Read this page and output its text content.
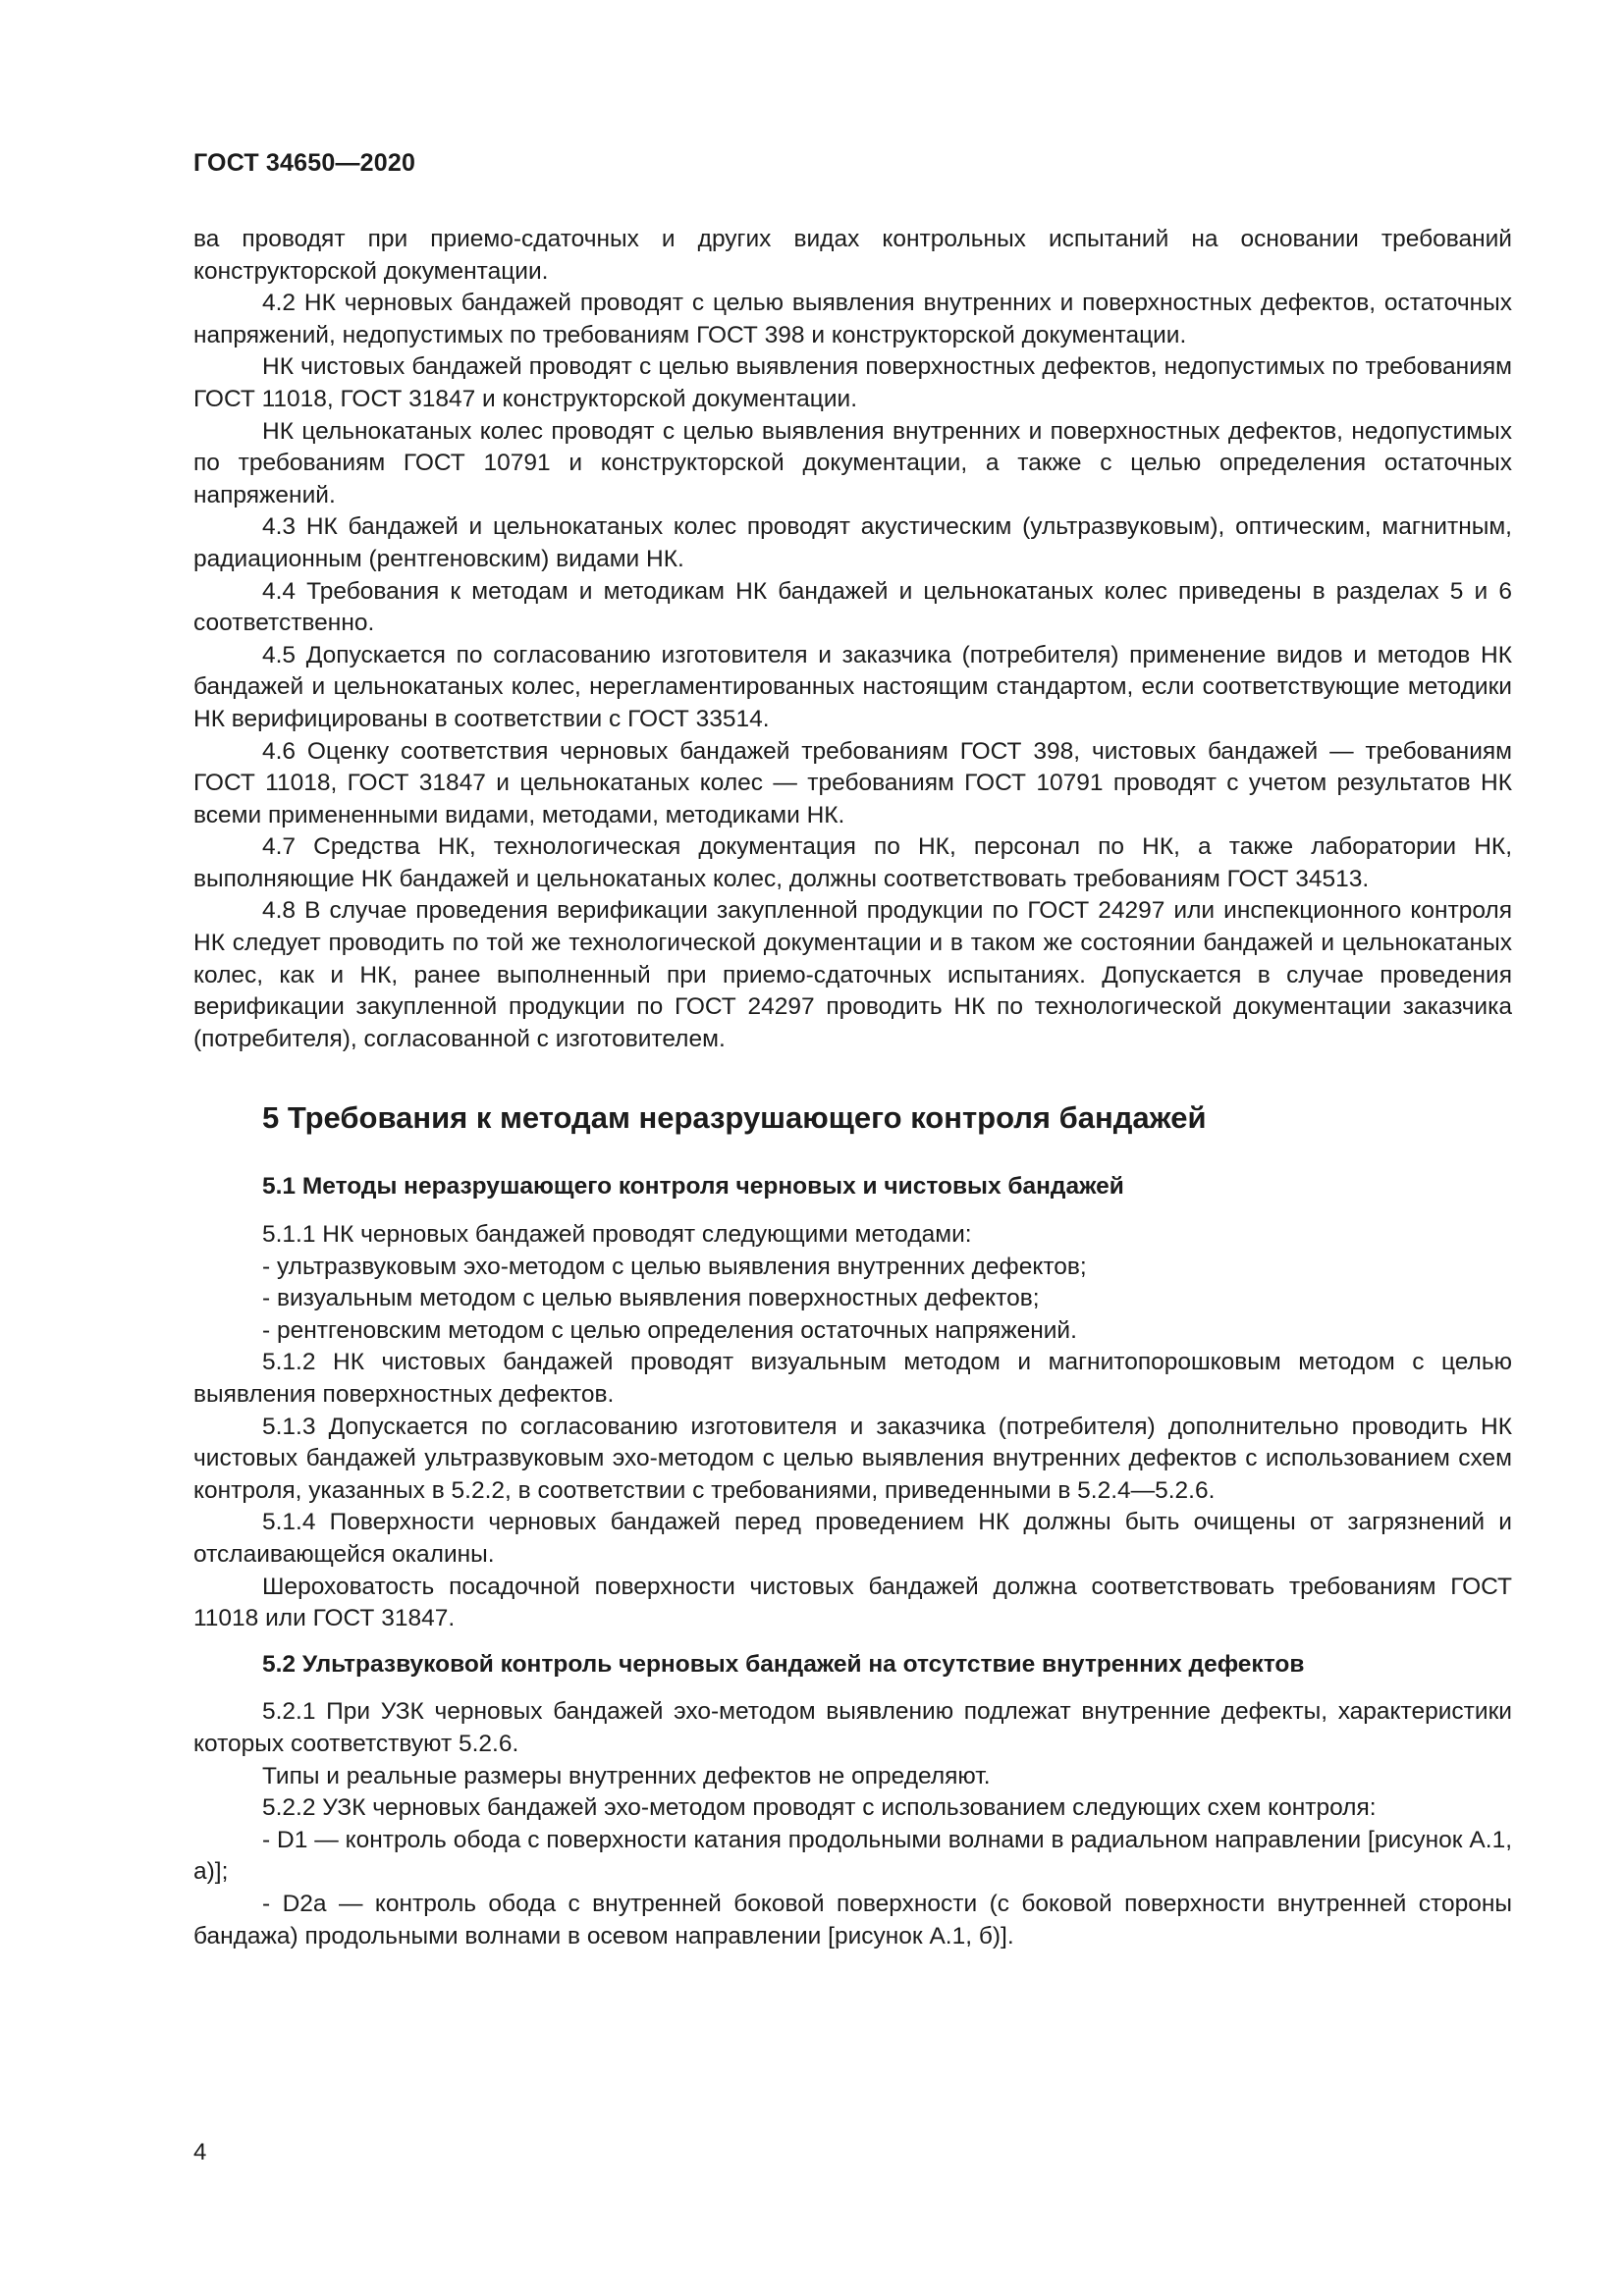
ГОСТ 34650—2020

ва проводят при приемо-сдаточных и других видах контрольных испытаний на основании требований конструкторской документации.

4.2 НК черновых бандажей проводят с целью выявления внутренних и поверхностных дефектов, остаточных напряжений, недопустимых по требованиям ГОСТ 398 и конструкторской документации.

НК чистовых бандажей проводят с целью выявления поверхностных дефектов, недопустимых по требованиям ГОСТ 11018, ГОСТ 31847 и конструкторской документации.

НК цельнокатаных колес проводят с целью выявления внутренних и поверхностных дефектов, недопустимых по требованиям ГОСТ 10791 и конструкторской документации, а также с целью определения остаточных напряжений.

4.3 НК бандажей и цельнокатаных колес проводят акустическим (ультразвуковым), оптическим, магнитным, радиационным (рентгеновским) видами НК.

4.4 Требования к методам и методикам НК бандажей и цельнокатаных колес приведены в разделах 5 и 6 соответственно.

4.5 Допускается по согласованию изготовителя и заказчика (потребителя) применение видов и методов НК бандажей и цельнокатаных колес, нерегламентированных настоящим стандартом, если соответствующие методики НК верифицированы в соответствии с ГОСТ 33514.

4.6 Оценку соответствия черновых бандажей требованиям ГОСТ 398, чистовых бандажей — требованиям ГОСТ 11018, ГОСТ 31847 и цельнокатаных колес — требованиям ГОСТ 10791 проводят с учетом результатов НК всеми примененными видами, методами, методиками НК.

4.7 Средства НК, технологическая документация по НК, персонал по НК, а также лаборатории НК, выполняющие НК бандажей и цельнокатаных колес, должны соответствовать требованиям ГОСТ 34513.

4.8 В случае проведения верификации закупленной продукции по ГОСТ 24297 или инспекционного контроля НК следует проводить по той же технологической документации и в таком же состоянии бандажей и цельнокатаных колес, как и НК, ранее выполненный при приемо-сдаточных испытаниях. Допускается в случае проведения верификации закупленной продукции по ГОСТ 24297 проводить НК по технологической документации заказчика (потребителя), согласованной с изготовителем.

5 Требования к методам неразрушающего контроля бандажей
5.1 Методы неразрушающего контроля черновых и чистовых бандажей

5.1.1 НК черновых бандажей проводят следующими методами:

- ультразвуковым эхо-методом с целью выявления внутренних дефектов;

- визуальным методом с целью выявления поверхностных дефектов;

- рентгеновским методом с целью определения остаточных напряжений.

5.1.2 НК чистовых бандажей проводят визуальным методом и магнитопорошковым методом с целью выявления поверхностных дефектов.

5.1.3 Допускается по согласованию изготовителя и заказчика (потребителя) дополнительно проводить НК чистовых бандажей ультразвуковым эхо-методом с целью выявления внутренних дефектов с использованием схем контроля, указанных в 5.2.2, в соответствии с требованиями, приведенными в 5.2.4—5.2.6.

5.1.4 Поверхности черновых бандажей перед проведением НК должны быть очищены от загрязнений и отслаивающейся окалины.

Шероховатость посадочной поверхности чистовых бандажей должна соответствовать требованиям ГОСТ 11018 или ГОСТ 31847.

5.2 Ультразвуковой контроль черновых бандажей на отсутствие внутренних дефектов

5.2.1 При УЗК черновых бандажей эхо-методом выявлению подлежат внутренние дефекты, характеристики которых соответствуют 5.2.6.

Типы и реальные размеры внутренних дефектов не определяют.

5.2.2 УЗК черновых бандажей эхо-методом проводят с использованием следующих схем контроля:

- D1 — контроль обода с поверхности катания продольными волнами в радиальном направлении [рисунок А.1, а)];

- D2a — контроль обода с внутренней боковой поверхности (с боковой поверхности внутренней стороны бандажа) продольными волнами в осевом направлении [рисунок А.1, б)].

4
